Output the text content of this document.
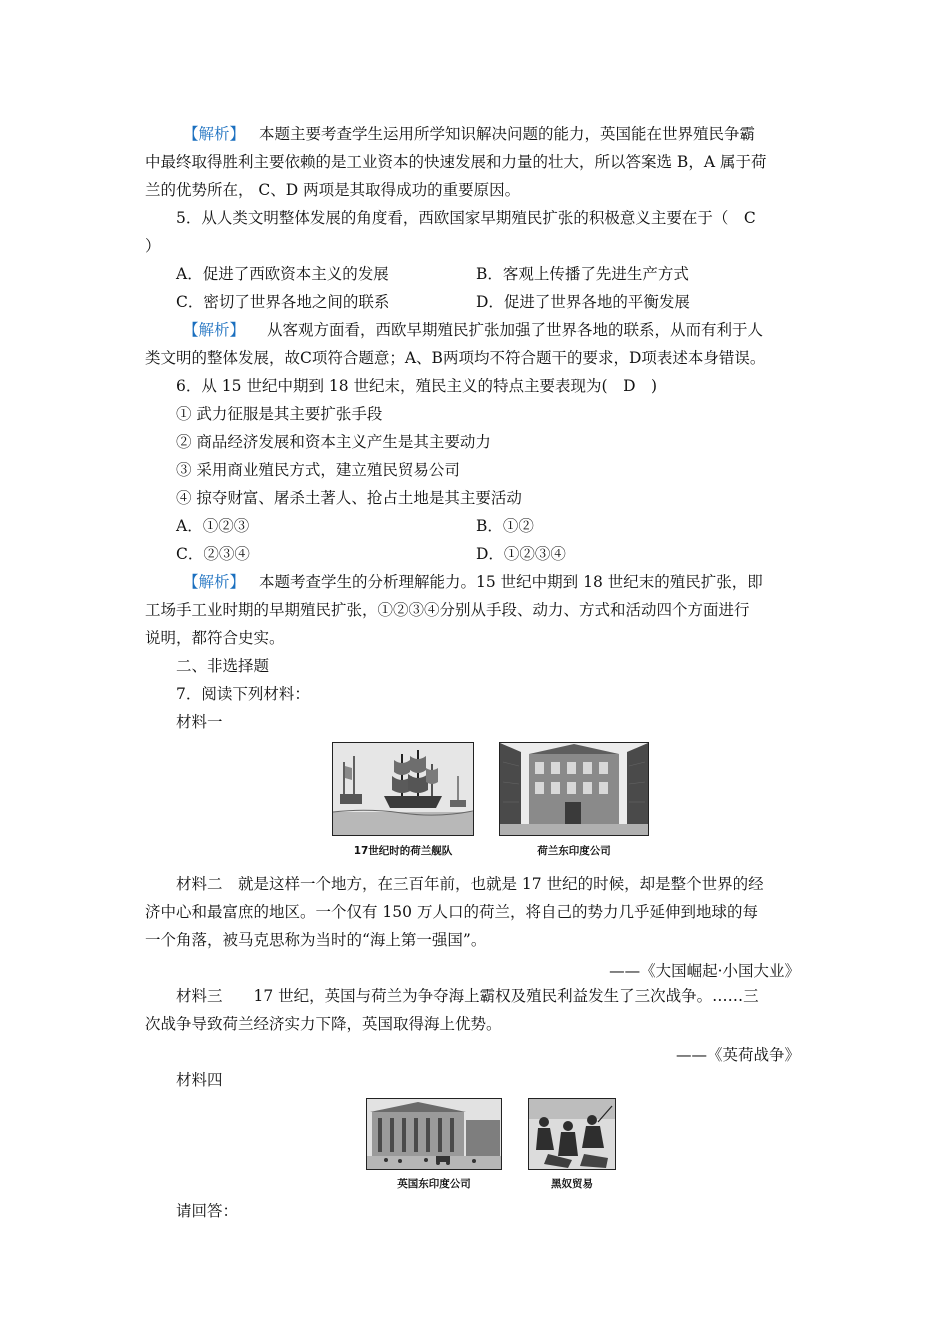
【解析】 本题主要考查学生运用所学知识解决问题的能力，英国能在世界殖民争霸
中最终取得胜利主要依赖的是工业资本的快速发展和力量的壮大，所以答案选 B，A 属于荷
兰的优势所在， C、D 两项是其取得成功的重要原因。
5．从人类文明整体发展的角度看，西欧国家早期殖民扩张的积极意义主要在于（　C
）
A．促进了西欧资本主义的发展	B．客观上传播了先进生产方式
C．密切了世界各地之间的联系	D．促进了世界各地的平衡发展
【解析】 从客观方面看，西欧早期殖民扩张加强了世界各地的联系，从而有利于人
类文明的整体发展，故C项符合题意；A、B两项均不符合题干的要求，D项表述本身错误。
6．从 15 世纪中期到 18 世纪末，殖民主义的特点主要表现为(　D　)
① 武力征服是其主要扩张手段
② 商品经济发展和资本主义产生是其主要动力
③ 采用商业殖民方式，建立殖民贸易公司
④ 掠夺财富、屠杀土著人、抢占土地是其主要活动
A．①②③	B．①②
C．②③④	D．①②③④
【解析】 本题考查学生的分析理解能力。15 世纪中期到 18 世纪末的殖民扩张，即
工场手工业时期的早期殖民扩张，①②③④分别从手段、动力、方式和活动四个方面进行
说明，都符合史实。
二、非选择题
7．阅读下列材料：
材料一
17世纪时的荷兰舰队	荷兰东印度公司
材料二　就是这样一个地方，在三百年前，也就是 17 世纪的时候，却是整个世界的经
济中心和最富庶的地区。一个仅有 150 万人口的荷兰，将自己的势力几乎延伸到地球的每
一个角落，被马克思称为当时的“海上第一强国”。
——《大国崛起·小国大业》
材料三　　17 世纪，英国与荷兰为争夺海上霸权及殖民利益发生了三次战争。……三
次战争导致荷兰经济实力下降，英国取得海上优势。
——《英荷战争》
材料四
英国东印度公司	黑奴贸易
请回答：
